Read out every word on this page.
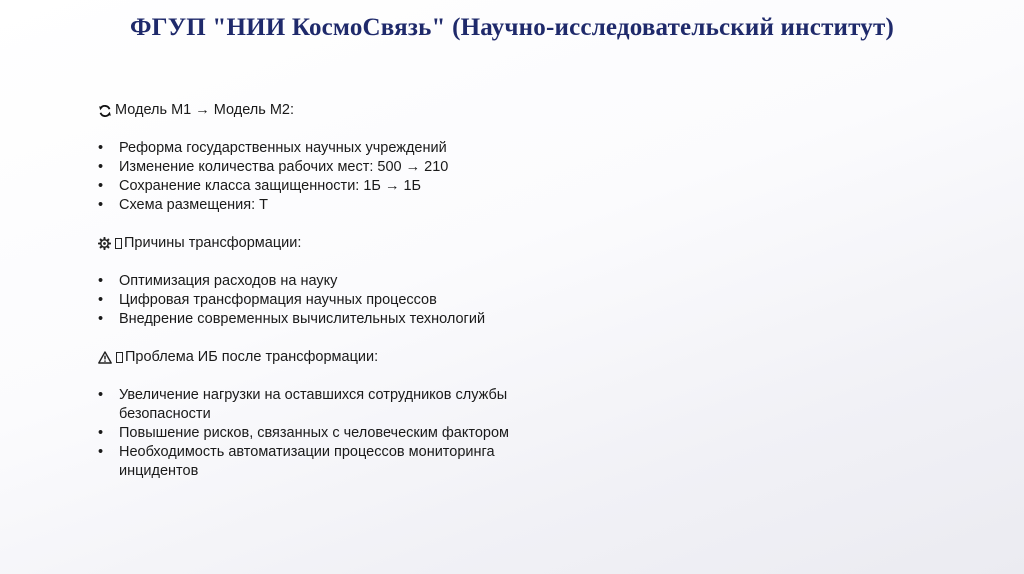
ФГУП "НИИ КосмоСвязь" (Научно-исследовательский институт)

Модель М1 → Модель М2:

• Реформа государственных научных учреждений
• Изменение количества рабочих мест: 500 → 210
• Сохранение класса защищенности: 1Б → 1Б
• Схема размещения: Т

Причины трансформации:

• Оптимизация расходов на науку
• Цифровая трансформация научных процессов
• Внедрение современных вычислительных технологий

Проблема ИБ после трансформации:

• Увеличение нагрузки на оставшихся сотрудников службы безопасности
• Повышение рисков, связанных с человеческим фактором
• Необходимость автоматизации процессов мониторинга инцидентов
